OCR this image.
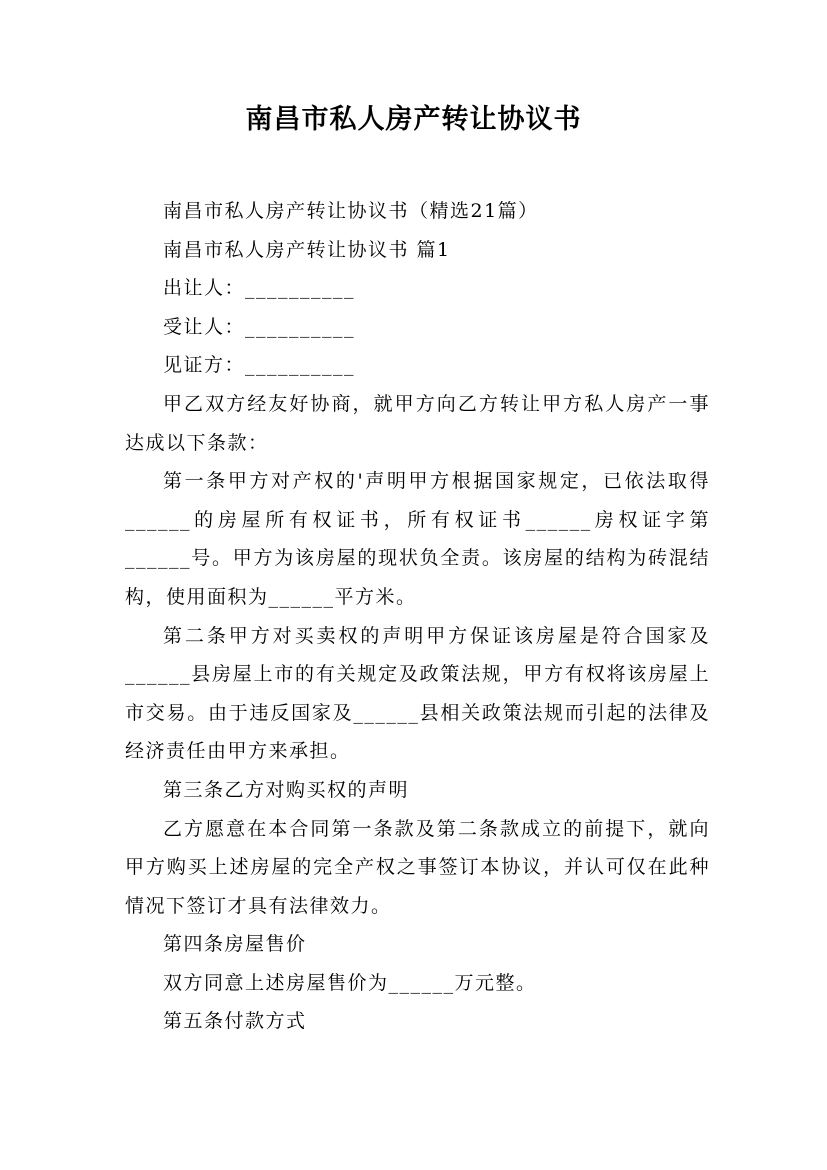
南昌市私人房产转让协议书

南昌市私人房产转让协议书（精选21篇）

南昌市私人房产转让协议书 篇1

出让人：__________

受让人：__________

见证方：__________

甲乙双方经友好协商，就甲方向乙方转让甲方私人房产一事达成以下条款：

第一条甲方对产权的'声明甲方根据国家规定，已依法取得______的房屋所有权证书，所有权证书______房权证字第______号。甲方为该房屋的现状负全责。该房屋的结构为砖混结构，使用面积为______平方米。

第二条甲方对买卖权的声明甲方保证该房屋是符合国家及______县房屋上市的有关规定及政策法规，甲方有权将该房屋上市交易。由于违反国家及______县相关政策法规而引起的法律及经济责任由甲方来承担。

第三条乙方对购买权的声明

乙方愿意在本合同第一条款及第二条款成立的前提下，就向甲方购买上述房屋的完全产权之事签订本协议，并认可仅在此种情况下签订才具有法律效力。

第四条房屋售价

双方同意上述房屋售价为______万元整。

第五条付款方式
